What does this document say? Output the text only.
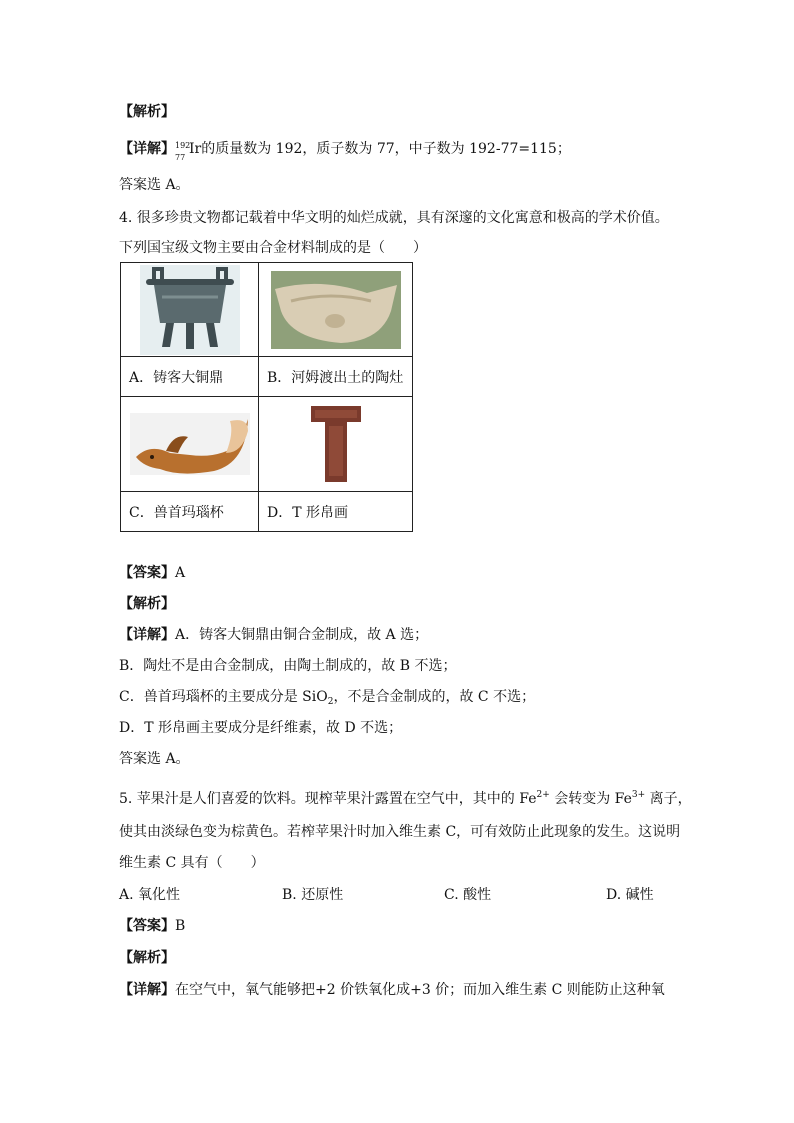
【解析】
【详解】 192
77
Ir的质量数为 192，质子数为 77，中子数为 192-77=115；
答案选 A。
4. 很多珍贵文物都记载着中华文明的灿烂成就，具有深邃的文化寓意和极高的学术价值。
下列国宝级文物主要由合金材料制成的是（　　）

A．铸客大铜鼎	B．河姆渡出土的陶灶

C．兽首玛瑙杯	D．T 形帛画
【答案】A
【解析】
【详解】A．铸客大铜鼎由铜合金制成，故 A 选；
B．陶灶不是由合金制成，由陶土制成的，故 B 不选；
C．兽首玛瑙杯的主要成分是 SiO$_2$，不是合金制成的，故 C 不选；
D．T 形帛画主要成分是纤维素，故 D 不选；
答案选 A。
5. 苹果汁是人们喜爱的饮料。现榨苹果汁露置在空气中，其中的 $Fe^{2+}$ 会转变为 $Fe^{3+}$ 离子，
使其由淡绿色变为棕黄色。若榨苹果汁时加入维生素 C，可有效防止此现象的发生。这说明
维生素 C 具有（　　）
A. 氧化性	B. 还原性	C. 酸性	D. 碱性
【答案】B
【解析】
【详解】在空气中，氧气能够把+2 价铁氧化成+3 价；而加入维生素 C 则能防止这种氧
